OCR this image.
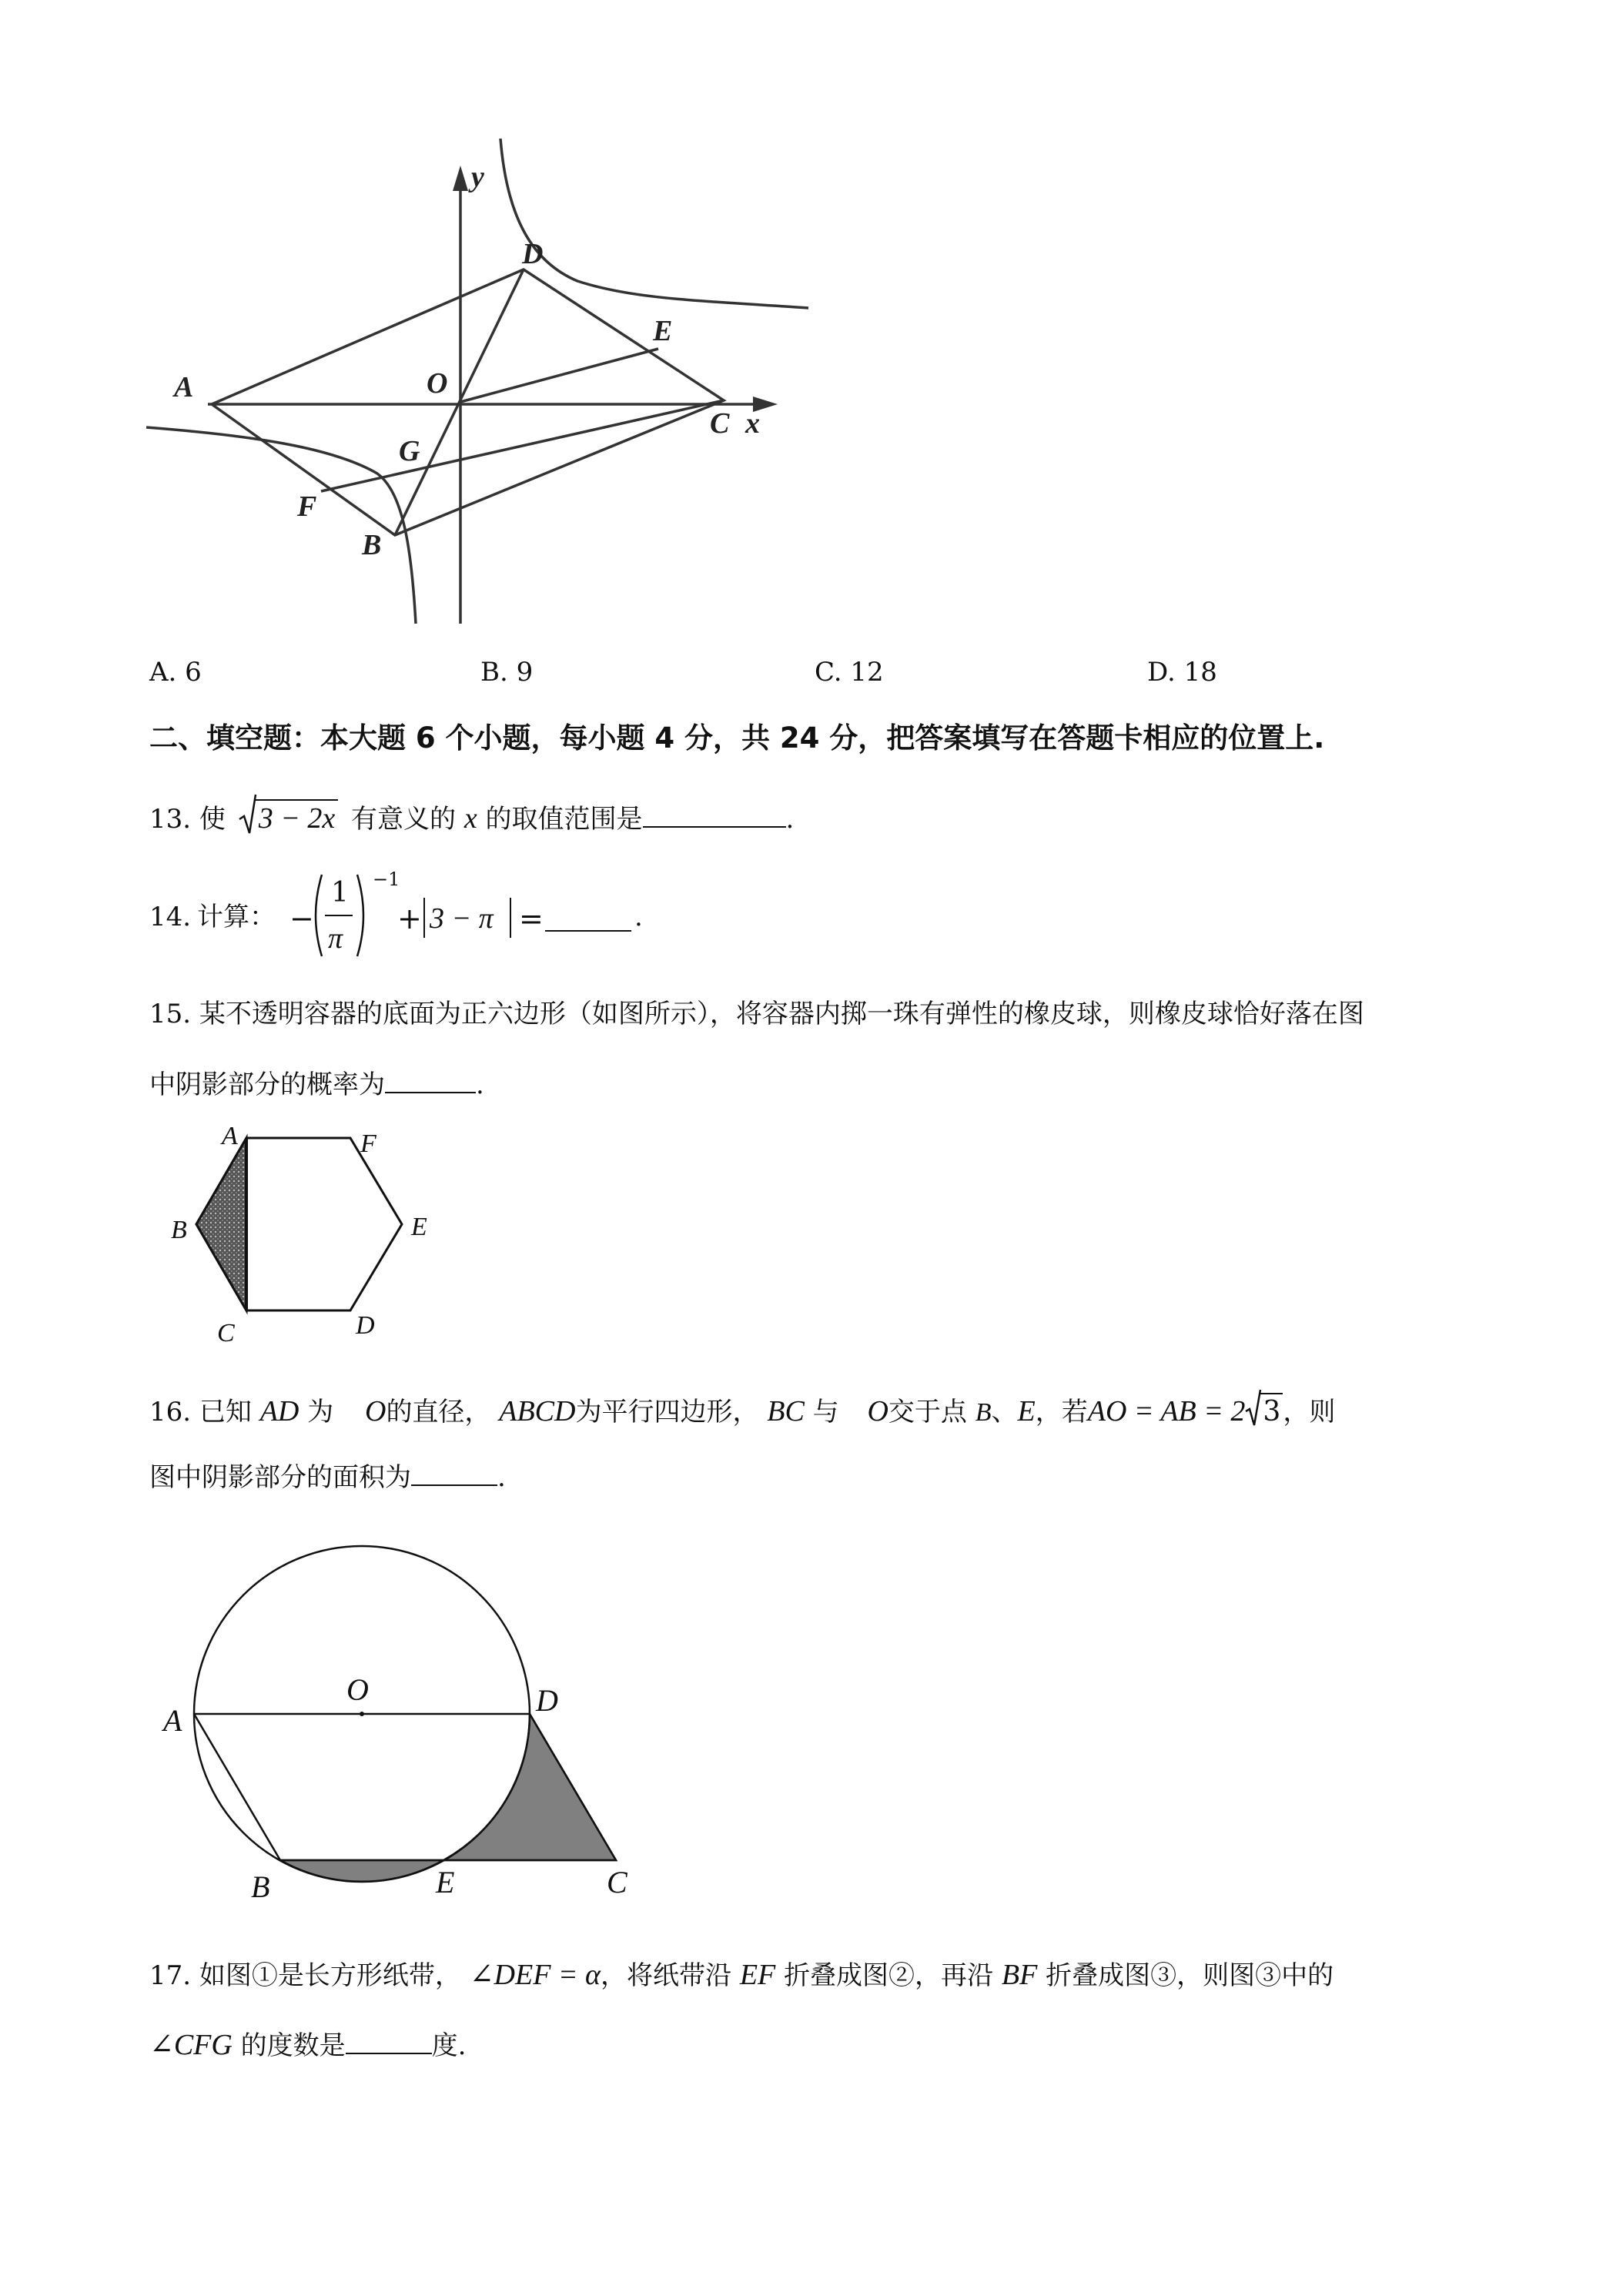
y
D
E
A	O
C x
G
F
B
A. 6	B. 9	C. 12	D. 18
二、填空题：本大题 6 个小题，每小题 4 分，共 24 分，把答案填写在答题卡相应的位置上.
13. 使 3 − 2x 有意义的 x 的取值范围是	.
14. 计算： −
1
π
−1
+ 3 − π =	.
15. 某不透明容器的底面为正六边形（如图所示），将容器内掷一珠有弹性的橡皮球，则橡皮球恰好落在图
中阴影部分的概率为	.
A	F
B	E
C	D
16. 已知 AD 为 O的直径， ABCD为平行四边形， BC 与 O交于点 B、E，若AO = AB = 2 3，则
图中阴影部分的面积为	.
A
O	D
B	E	C
17. 如图①是长方形纸带， ∠DEF = α，将纸带沿 EF 折叠成图②，再沿 BF 折叠成图③，则图③中的
∠CFG 的度数是	度.
